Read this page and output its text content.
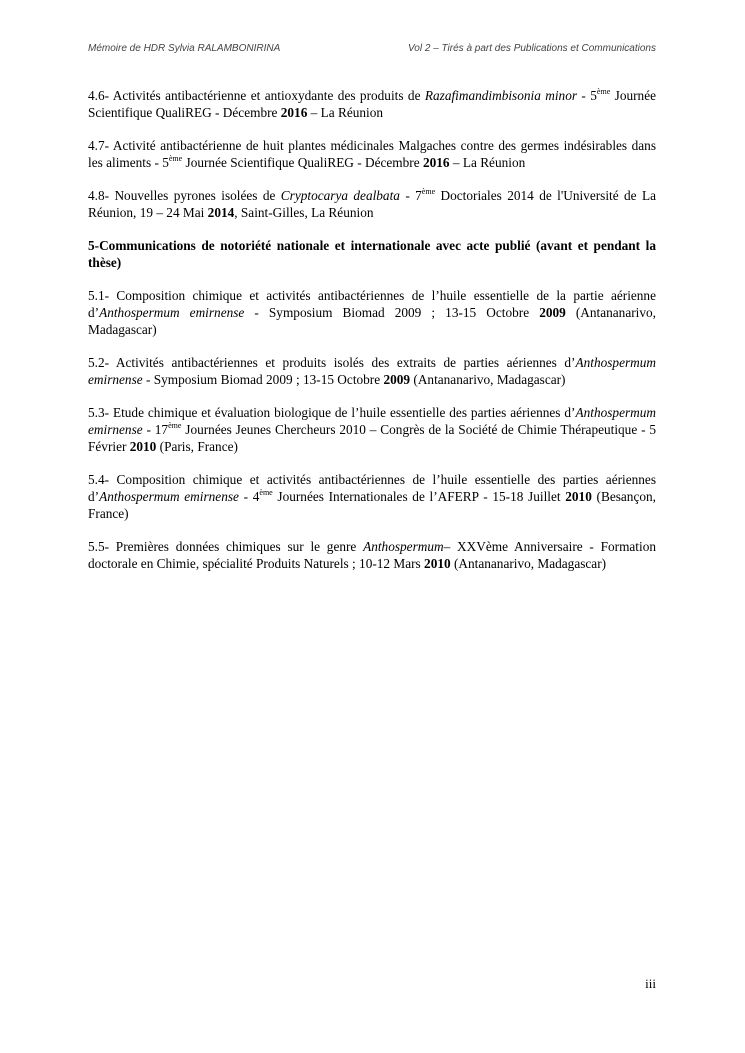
Mémoire de HDR Sylvia RALAMBONIRINA	Vol 2 – Tirés à part des Publications et Communications

4.6- Activités antibactérienne et antioxydante des produits de Razafimandimbisonia minor - 5ème Journée Scientifique QualiREG - Décembre 2016 – La Réunion

4.7- Activité antibactérienne de huit plantes médicinales Malgaches contre des germes indésirables dans les aliments - 5ème Journée Scientifique QualiREG - Décembre 2016 – La Réunion

4.8- Nouvelles pyrones isolées de Cryptocarya dealbata - 7ème Doctoriales 2014 de l'Université de La Réunion, 19 – 24 Mai 2014, Saint-Gilles, La Réunion

5-Communications de notoriété nationale et internationale avec acte publié (avant et pendant la thèse)

5.1- Composition chimique et activités antibactériennes de l’huile essentielle de la partie aérienne d’Anthospermum emirnense - Symposium Biomad 2009 ; 13-15 Octobre 2009 (Antananarivo, Madagascar)

5.2- Activités antibactériennes et produits isolés des extraits de parties aériennes d’Anthospermum emirnense - Symposium Biomad 2009 ; 13-15 Octobre 2009 (Antananarivo, Madagascar)

5.3- Etude chimique et évaluation biologique de l’huile essentielle des parties aériennes d’Anthospermum emirnense - 17ème Journées Jeunes Chercheurs 2010 – Congrès de la Société de Chimie Thérapeutique - 5 Février 2010 (Paris, France)

5.4- Composition chimique et activités antibactériennes de l’huile essentielle des parties aériennes d’Anthospermum emirnense - 4ème Journées Internationales de l’AFERP - 15-18 Juillet 2010 (Besançon, France)

5.5- Premières données chimiques sur le genre Anthospermum– XXVème Anniversaire - Formation doctorale en Chimie, spécialité Produits Naturels ; 10-12 Mars 2010 (Antananarivo, Madagascar)

iii
